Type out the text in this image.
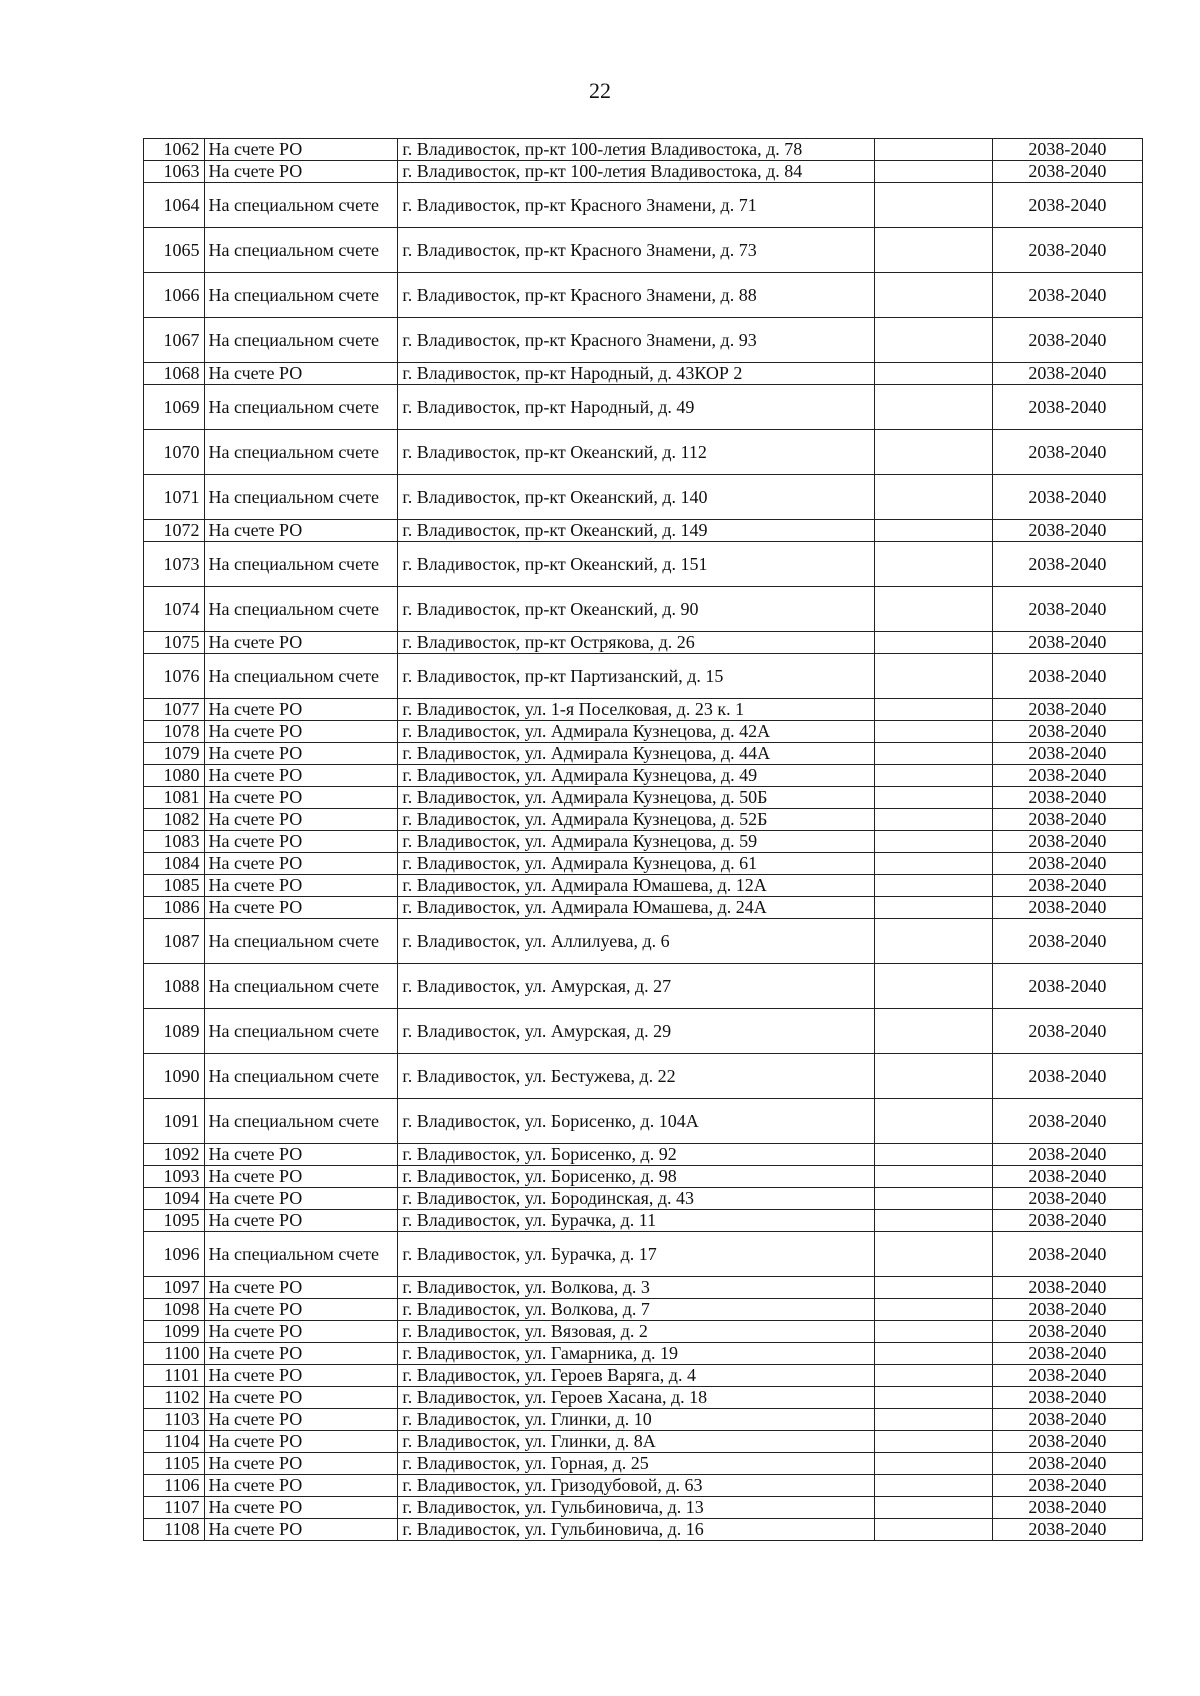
22
1062	На счете РО	г. Владивосток, пр-кт 100-летия Владивостока, д. 78		2038-2040
1063	На счете РО	г. Владивосток, пр-кт 100-летия Владивостока, д. 84		2038-2040
1064	На специальном счете	г. Владивосток, пр-кт Красного Знамени, д. 71		2038-2040
1065	На специальном счете	г. Владивосток, пр-кт Красного Знамени, д. 73		2038-2040
1066	На специальном счете	г. Владивосток, пр-кт Красного Знамени, д. 88		2038-2040
1067	На специальном счете	г. Владивосток, пр-кт Красного Знамени, д. 93		2038-2040
1068	На счете РО	г. Владивосток, пр-кт Народный, д. 43КОР 2		2038-2040
1069	На специальном счете	г. Владивосток, пр-кт Народный, д. 49		2038-2040
1070	На специальном счете	г. Владивосток, пр-кт Океанский, д. 112		2038-2040
1071	На специальном счете	г. Владивосток, пр-кт Океанский, д. 140		2038-2040
1072	На счете РО	г. Владивосток, пр-кт Океанский, д. 149		2038-2040
1073	На специальном счете	г. Владивосток, пр-кт Океанский, д. 151		2038-2040
1074	На специальном счете	г. Владивосток, пр-кт Океанский, д. 90		2038-2040
1075	На счете РО	г. Владивосток, пр-кт Острякова, д. 26		2038-2040
1076	На специальном счете	г. Владивосток, пр-кт Партизанский, д. 15		2038-2040
1077	На счете РО	г. Владивосток, ул. 1-я Поселковая, д. 23 к. 1		2038-2040
1078	На счете РО	г. Владивосток, ул. Адмирала Кузнецова, д. 42А		2038-2040
1079	На счете РО	г. Владивосток, ул. Адмирала Кузнецова, д. 44А		2038-2040
1080	На счете РО	г. Владивосток, ул. Адмирала Кузнецова, д. 49		2038-2040
1081	На счете РО	г. Владивосток, ул. Адмирала Кузнецова, д. 50Б		2038-2040
1082	На счете РО	г. Владивосток, ул. Адмирала Кузнецова, д. 52Б		2038-2040
1083	На счете РО	г. Владивосток, ул. Адмирала Кузнецова, д. 59		2038-2040
1084	На счете РО	г. Владивосток, ул. Адмирала Кузнецова, д. 61		2038-2040
1085	На счете РО	г. Владивосток, ул. Адмирала Юмашева, д. 12А		2038-2040
1086	На счете РО	г. Владивосток, ул. Адмирала Юмашева, д. 24А		2038-2040
1087	На специальном счете	г. Владивосток, ул. Аллилуева, д. 6		2038-2040
1088	На специальном счете	г. Владивосток, ул. Амурская, д. 27		2038-2040
1089	На специальном счете	г. Владивосток, ул. Амурская, д. 29		2038-2040
1090	На специальном счете	г. Владивосток, ул. Бестужева, д. 22		2038-2040
1091	На специальном счете	г. Владивосток, ул. Борисенко, д. 104А		2038-2040
1092	На счете РО	г. Владивосток, ул. Борисенко, д. 92		2038-2040
1093	На счете РО	г. Владивосток, ул. Борисенко, д. 98		2038-2040
1094	На счете РО	г. Владивосток, ул. Бородинская, д. 43		2038-2040
1095	На счете РО	г. Владивосток, ул. Бурачка, д. 11		2038-2040
1096	На специальном счете	г. Владивосток, ул. Бурачка, д. 17		2038-2040
1097	На счете РО	г. Владивосток, ул. Волкова, д. 3		2038-2040
1098	На счете РО	г. Владивосток, ул. Волкова, д. 7		2038-2040
1099	На счете РО	г. Владивосток, ул. Вязовая, д. 2		2038-2040
1100	На счете РО	г. Владивосток, ул. Гамарника, д. 19		2038-2040
1101	На счете РО	г. Владивосток, ул. Героев Варяга, д. 4		2038-2040
1102	На счете РО	г. Владивосток, ул. Героев Хасана, д. 18		2038-2040
1103	На счете РО	г. Владивосток, ул. Глинки, д. 10		2038-2040
1104	На счете РО	г. Владивосток, ул. Глинки, д. 8А		2038-2040
1105	На счете РО	г. Владивосток, ул. Горная, д. 25		2038-2040
1106	На счете РО	г. Владивосток, ул. Гризодубовой, д. 63		2038-2040
1107	На счете РО	г. Владивосток, ул. Гульбиновича, д. 13		2038-2040
1108	На счете РО	г. Владивосток, ул. Гульбиновича, д. 16		2038-2040
